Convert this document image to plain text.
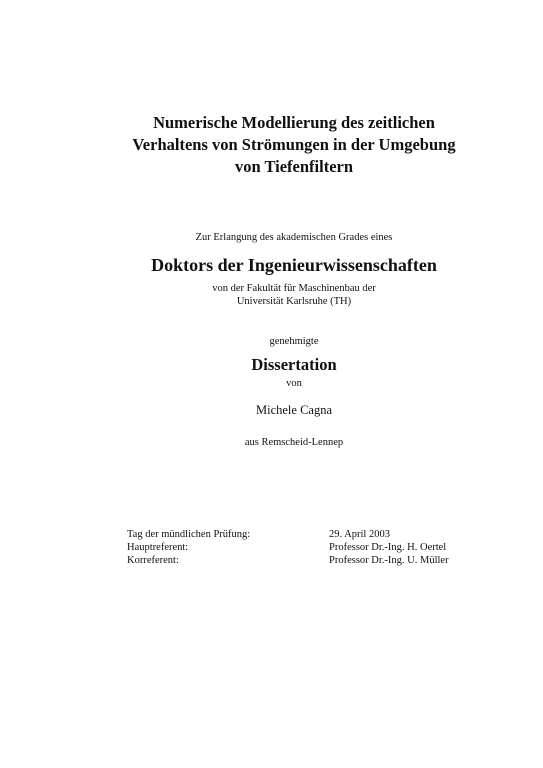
Numerische Modellierung des zeitlichen
Verhaltens von Strömungen in der Umgebung
von Tiefenfiltern
Zur Erlangung des akademischen Grades eines
Doktors der Ingenieurwissenschaften
von der Fakultät für Maschinenbau der
Universität Karlsruhe (TH)
genehmigte
Dissertation
von
Michele Cagna
aus Remscheid-Lennep
Tag der mündlichen Prüfung:	29. April 2003
Hauptreferent:	Professor Dr.-Ing. H. Oertel
Korreferent:	Professor Dr.-Ing. U. Müller
